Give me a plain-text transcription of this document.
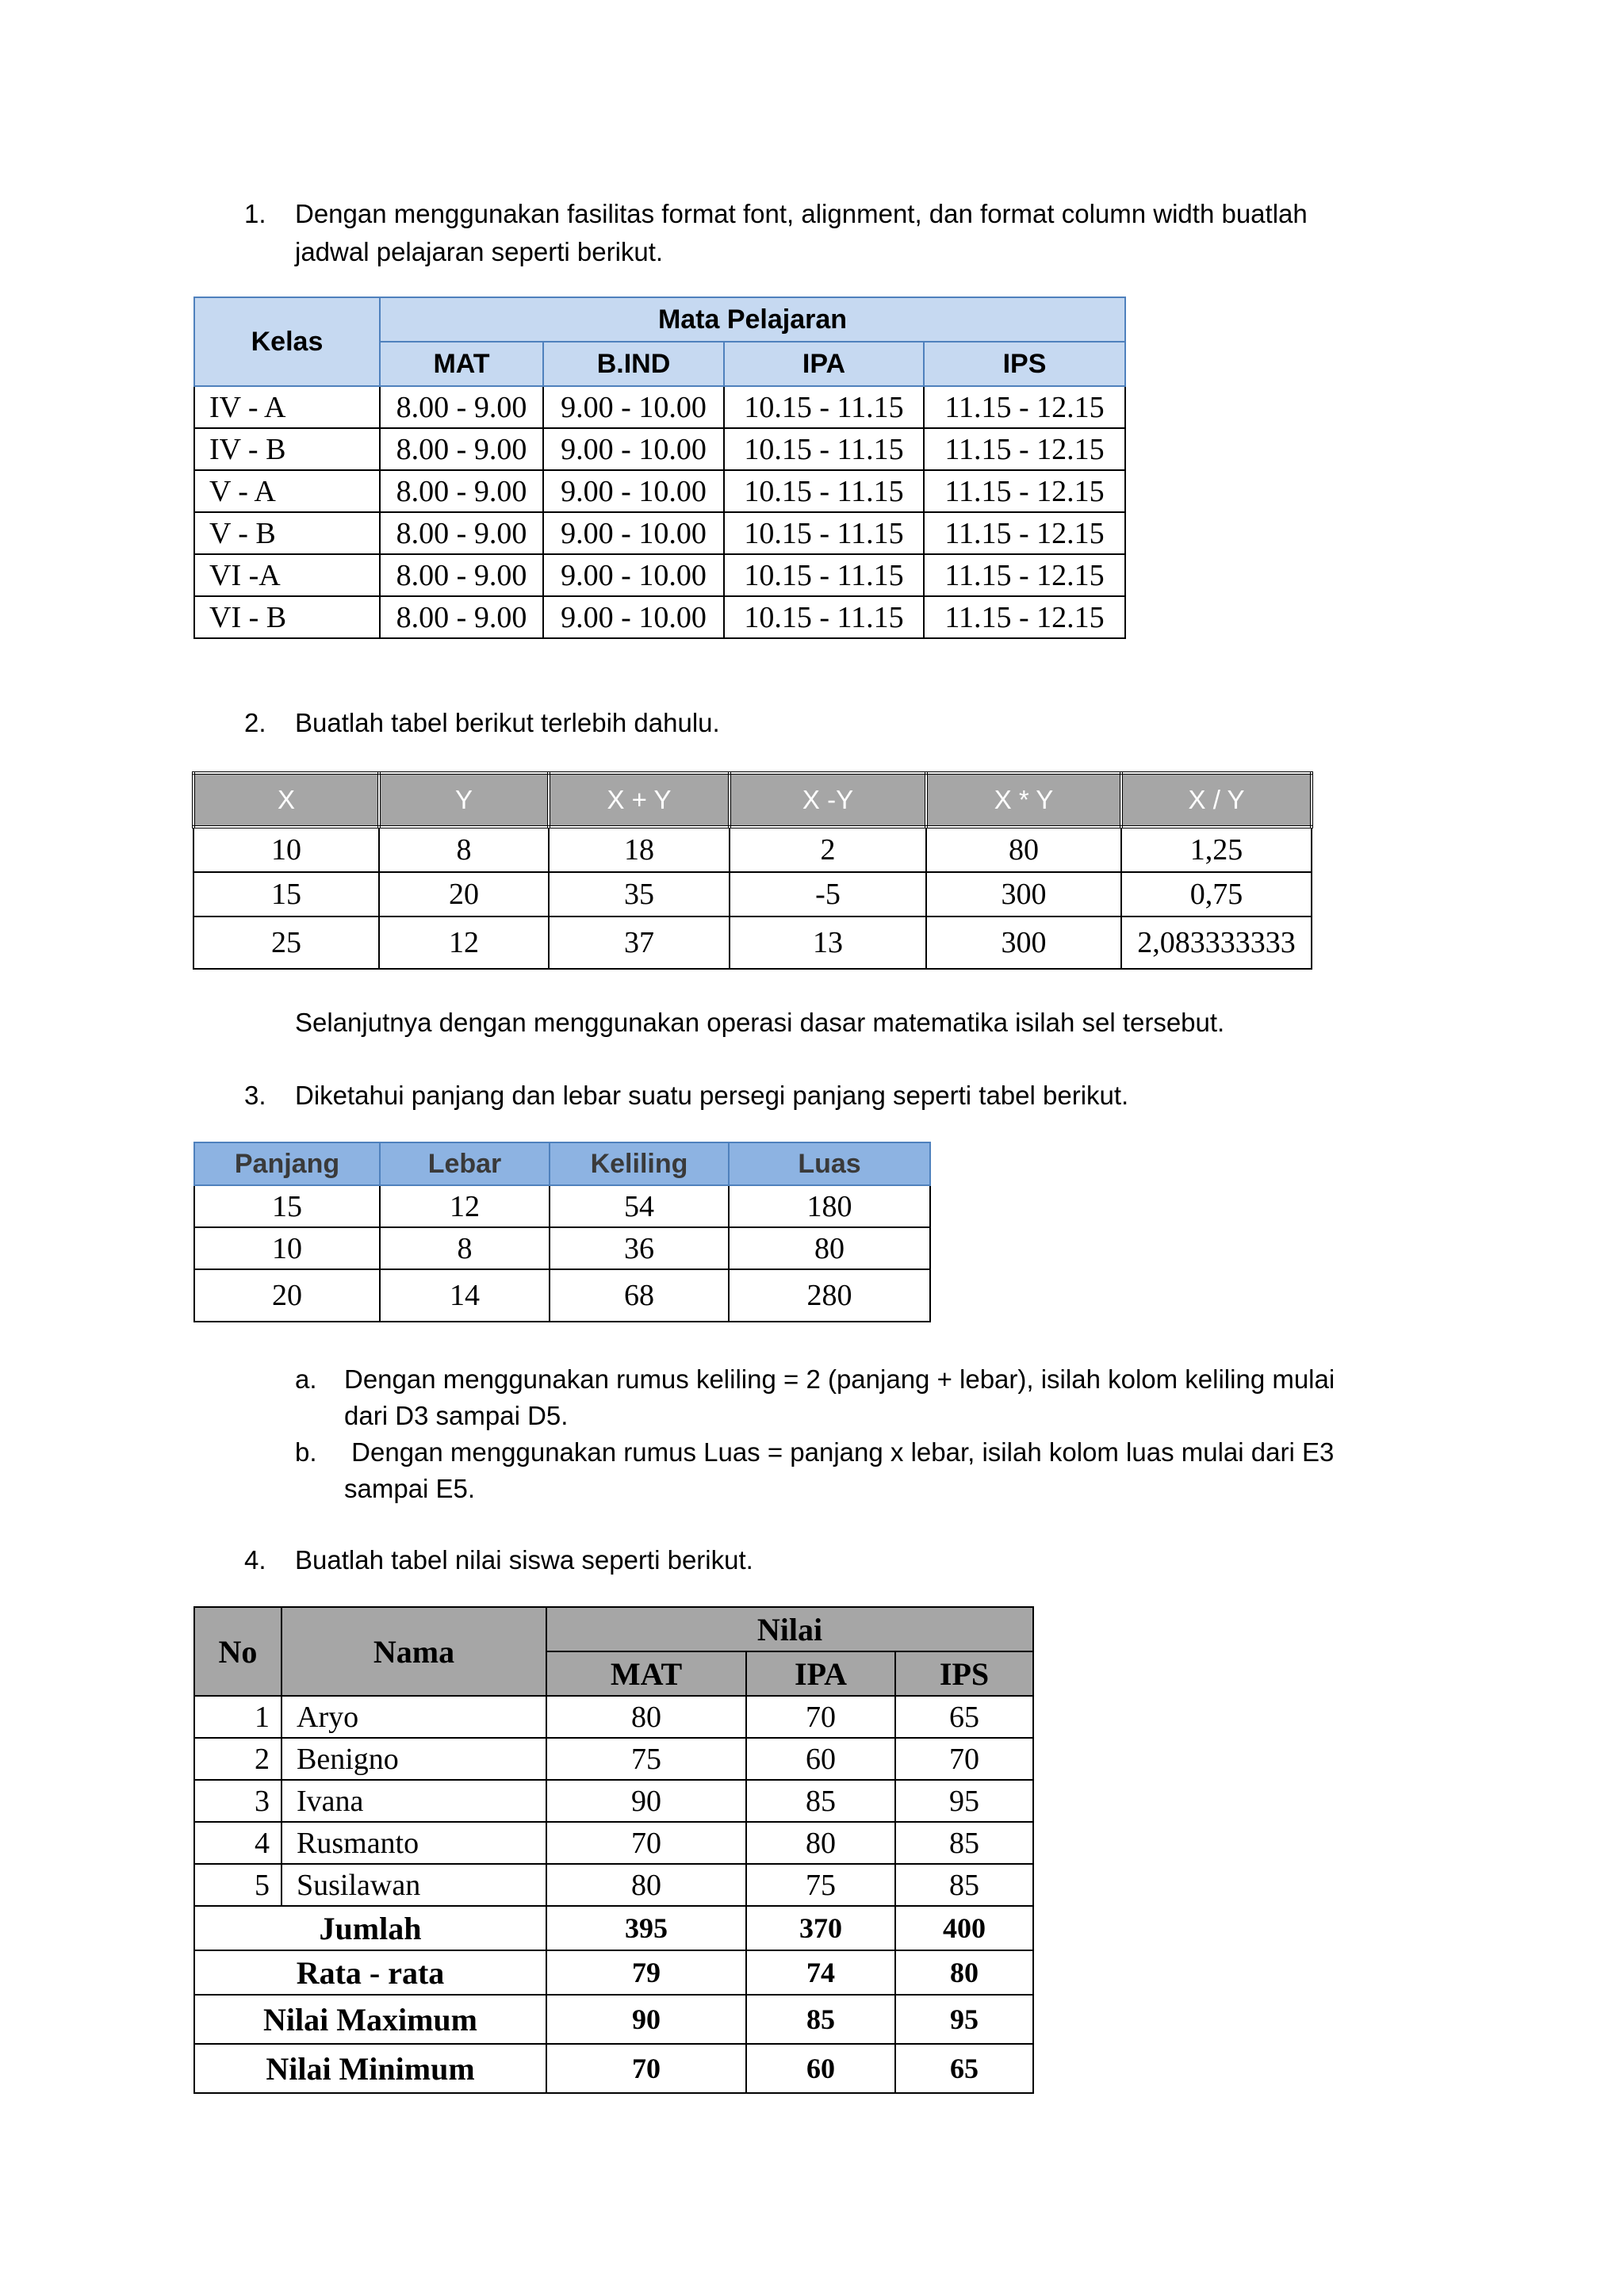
1.	Dengan menggunakan fasilitas format font, alignment, dan format column width buatlah
jadwal pelajaran seperti berikut.
Kelas	Mata Pelajaran			
	MAT	B.IND	IPA	IPS
IV - A	8.00 - 9.00	9.00 - 10.00	10.15 - 11.15	11.15 - 12.15
IV - B	8.00 - 9.00	9.00 - 10.00	10.15 - 11.15	11.15 - 12.15
V - A	8.00 - 9.00	9.00 - 10.00	10.15 - 11.15	11.15 - 12.15
V - B	8.00 - 9.00	9.00 - 10.00	10.15 - 11.15	11.15 - 12.15
VI -A	8.00 - 9.00	9.00 - 10.00	10.15 - 11.15	11.15 - 12.15
VI - B	8.00 - 9.00	9.00 - 10.00	10.15 - 11.15	11.15 - 12.15
2.	Buatlah tabel berikut terlebih dahulu.
X	Y	X + Y	X -Y	X * Y	X / Y
10	8	18	2	80	1,25
15	20	35	-5	300	0,75
25	12	37	13	300	2,083333333
Selanjutnya dengan menggunakan operasi dasar matematika isilah sel tersebut.
3.	Diketahui panjang dan lebar suatu persegi panjang seperti tabel berikut.
Panjang	Lebar	Keliling	Luas
15	12	54	180
10	8	36	80
20	14	68	280
a. Dengan menggunakan rumus keliling = 2 (panjang + lebar), isilah kolom keliling mulai
dari D3 sampai D5.
b. Dengan menggunakan rumus Luas = panjang x lebar, isilah kolom luas mulai dari E3
sampai E5.
4.	Buatlah tabel nilai siswa seperti berikut.
No	Nama	Nilai		
		MAT	IPA	IPS
1	Aryo	80	70	65
2	Benigno	75	60	70
3	Ivana	90	85	95
4	Rusmanto	70	80	85
5	Susilawan	80	75	85
Jumlah		395	370	400
Rata - rata		79	74	80
Nilai Maximum		90	85	95
Nilai Minimum		70	60	65
